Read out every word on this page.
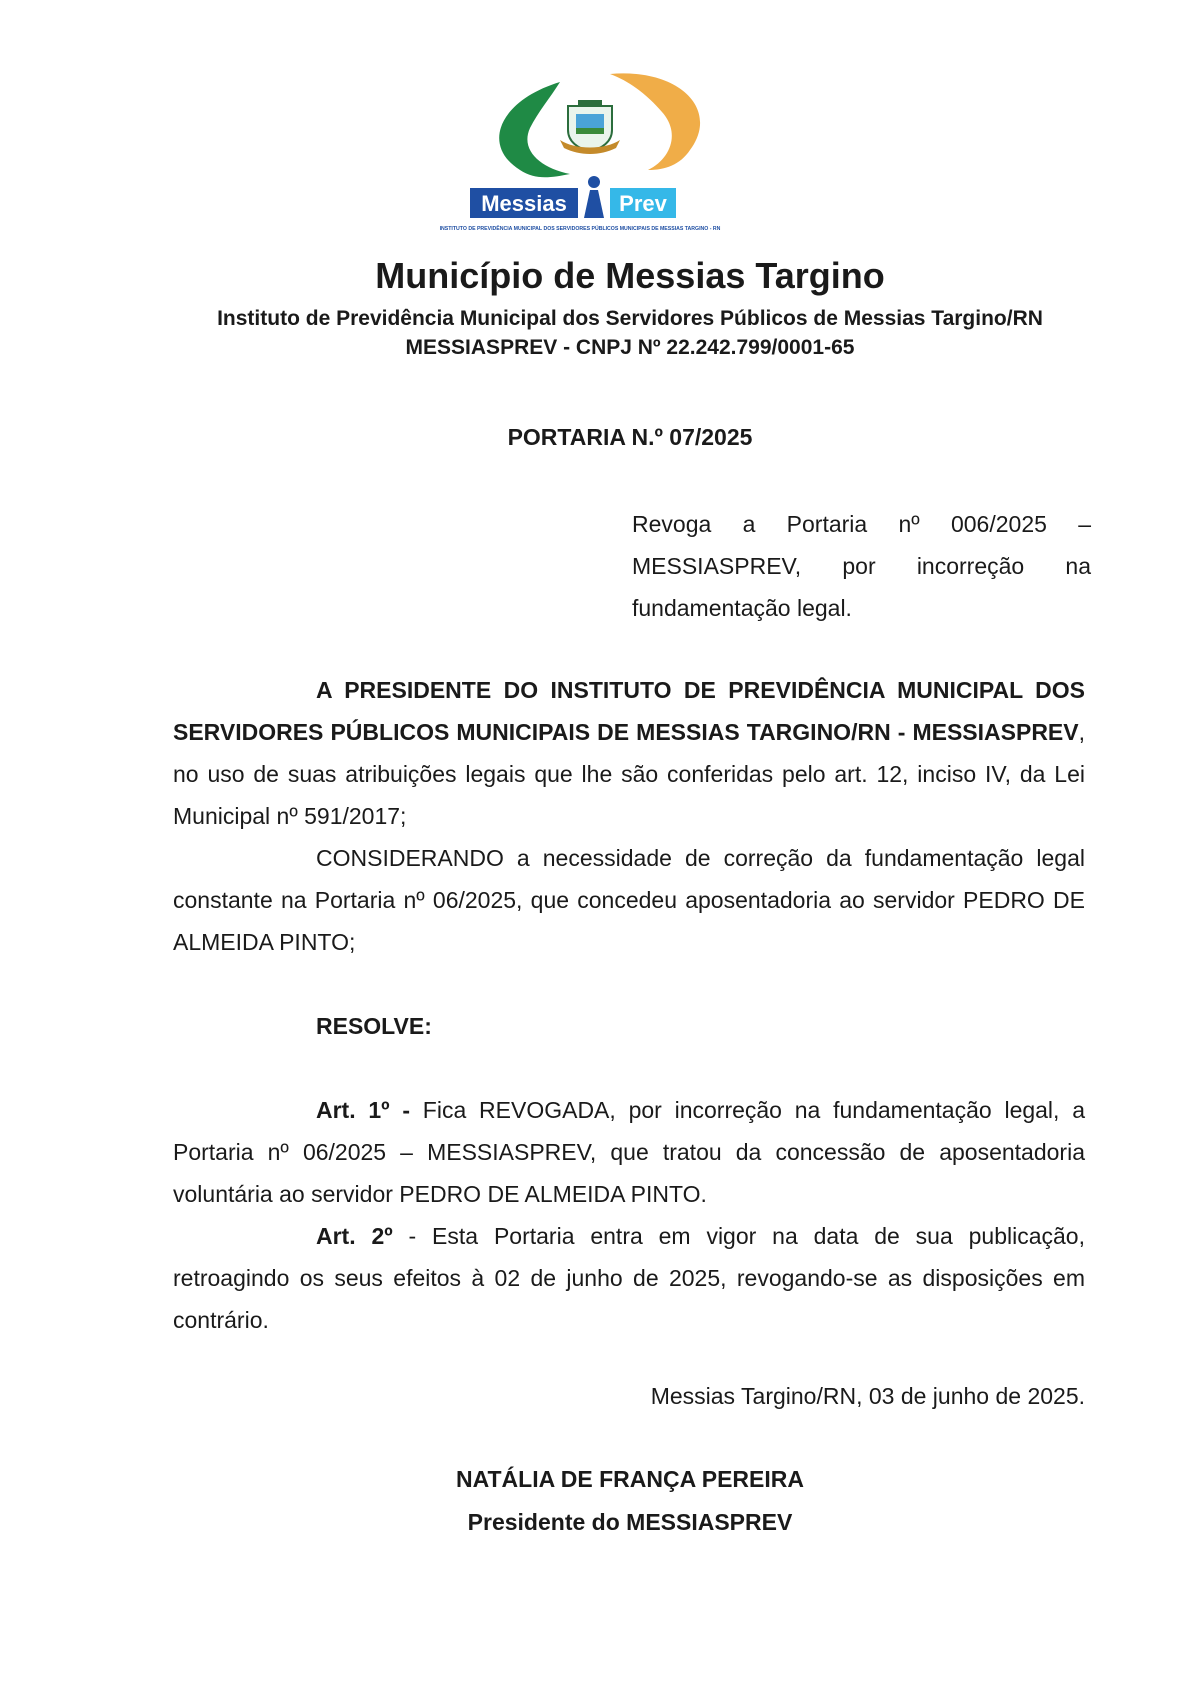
Messias Prev
INSTITUTO DE PREVIDÊNCIA MUNICIPAL DOS SERVIDORES PÚBLICOS MUNICIPAIS DE MESSIAS TARGINO - RN
Município de Messias Targino
Instituto de Previdência Municipal dos Servidores Públicos de Messias Targino/RN
MESSIASPREV - CNPJ Nº 22.242.799/0001-65
PORTARIA N.º 07/2025
Revoga a Portaria nº 006/2025 – MESSIASPREV, por incorreção na fundamentação legal.
A PRESIDENTE DO INSTITUTO DE PREVIDÊNCIA MUNICIPAL DOS SERVIDORES PÚBLICOS MUNICIPAIS DE MESSIAS TARGINO/RN - MESSIASPREV, no uso de suas atribuições legais que lhe são conferidas pelo art. 12, inciso IV, da Lei Municipal nº 591/2017;
CONSIDERANDO a necessidade de correção da fundamentação legal constante na Portaria nº 06/2025, que concedeu aposentadoria ao servidor PEDRO DE ALMEIDA PINTO;
RESOLVE:
Art. 1º - Fica REVOGADA, por incorreção na fundamentação legal, a Portaria nº 06/2025 – MESSIASPREV, que tratou da concessão de aposentadoria voluntária ao servidor PEDRO DE ALMEIDA PINTO.
Art. 2º - Esta Portaria entra em vigor na data de sua publicação, retroagindo os seus efeitos à 02 de junho de 2025, revogando-se as disposições em contrário.
Messias Targino/RN, 03 de junho de 2025.
NATÁLIA DE FRANÇA PEREIRA
Presidente do MESSIASPREV
